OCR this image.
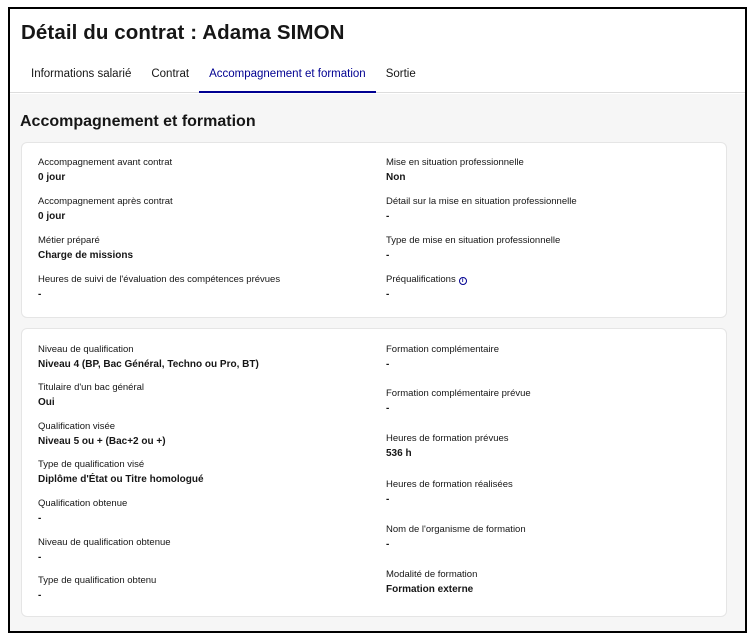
Détail du contrat : Adama SIMON
Informations salarié	Contrat	Accompagnement et formation	Sortie
Accompagnement et formation
Accompagnement avant contrat
0 jour
Accompagnement après contrat
0 jour
Métier préparé
Charge de missions
Heures de suivi de l'évaluation des compétences prévues
-
Mise en situation professionnelle
Non
Détail sur la mise en situation professionnelle
-
Type de mise en situation professionnelle
-
Préqualifications i
-
Niveau de qualification
Niveau 4 (BP, Bac Général, Techno ou Pro, BT)
Titulaire d'un bac général
Oui
Qualification visée
Niveau 5 ou + (Bac+2 ou +)
Type de qualification visé
Diplôme d'État ou Titre homologué
Qualification obtenue
-
Niveau de qualification obtenue
-
Type de qualification obtenu
-
Formation complémentaire
-
Formation complémentaire prévue
-
Heures de formation prévues
536 h
Heures de formation réalisées
-
Nom de l'organisme de formation
-
Modalité de formation
Formation externe
